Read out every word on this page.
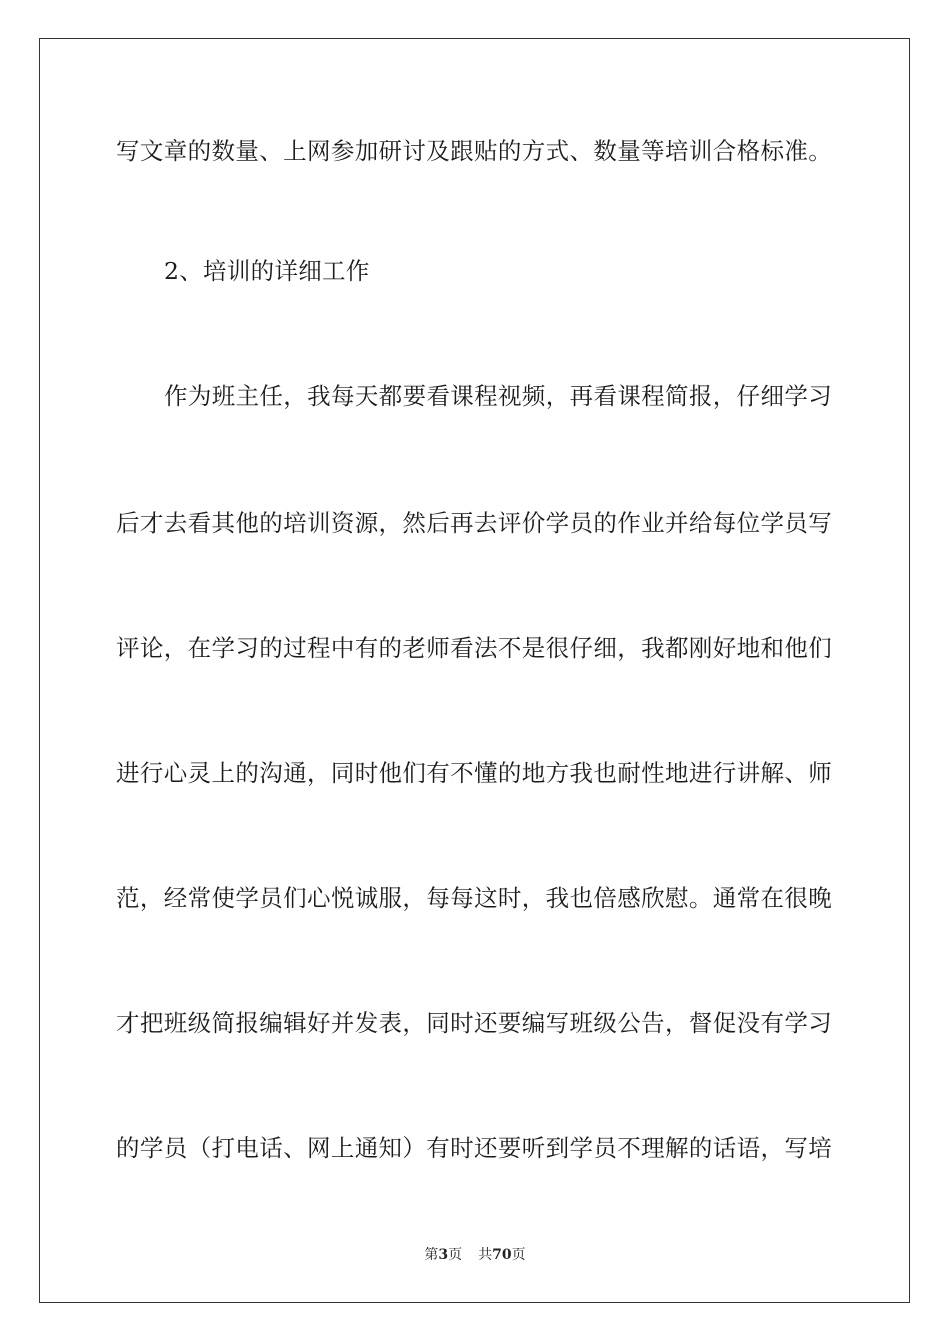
写文章的数量、上网参加研讨及跟贴的方式、数量等培训合格标准。
2、培训的详细工作
作为班主任，我每天都要看课程视频，再看课程简报，仔细学习
后才去看其他的培训资源，然后再去评价学员的作业并给每位学员写
评论，在学习的过程中有的老师看法不是很仔细，我都刚好地和他们
进行心灵上的沟通，同时他们有不懂的地方我也耐性地进行讲解、师
范，经常使学员们心悦诚服，每每这时，我也倍感欣慰。通常在很晚
才把班级简报编辑好并发表，同时还要编写班级公告，督促没有学习
的学员（打电话、网上通知）有时还要听到学员不理解的话语，写培
第3页 共70页
